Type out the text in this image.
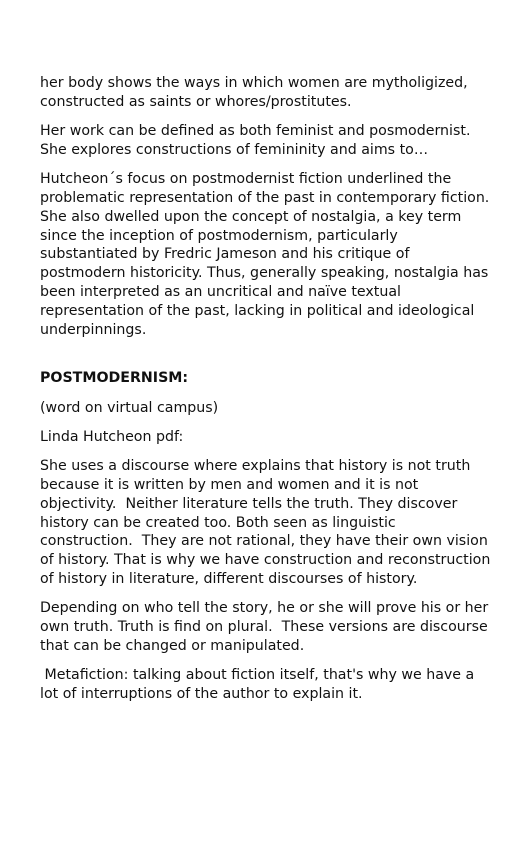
her body shows the ways in which women are mytholigized, constructed as saints or whores/prostitutes.

Her work can be defined as both feminist and posmodernist. She explores constructions of femininity and aims to…

Hutcheon´s focus on postmodernist fiction underlined the problematic representation of the past in contemporary fiction. She also dwelled upon the concept of nostalgia, a key term since the inception of postmodernism, particularly substantiated by Fredric Jameson and his critique of postmodern historicity. Thus, generally speaking, nostalgia has been interpreted as an uncritical and naïve textual representation of the past, lacking in political and ideological underpinnings.

POSTMODERNISM:

(word on virtual campus)

Linda Hutcheon pdf:

She uses a discourse where explains that history is not truth because it is written by men and women and it is not objectivity.  Neither literature tells the truth. They discover history can be created too. Both seen as linguistic construction.  They are not rational, they have their own vision of history. That is why we have construction and reconstruction of history in literature, different discourses of history.

Depending on who tell the story, he or she will prove his or her own truth. Truth is find on plural.  These versions are discourse that can be changed or manipulated.

Metafiction: talking about fiction itself, that's why we have a lot of interruptions of the author to explain it.
